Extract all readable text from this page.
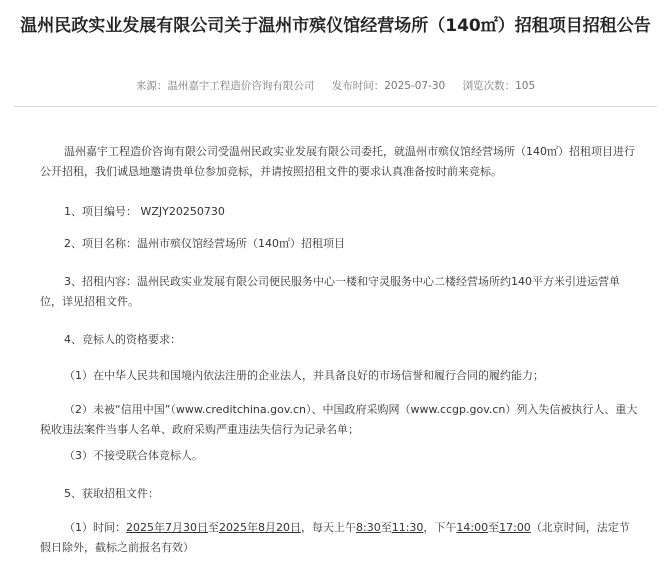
温州民政实业发展有限公司关于温州市殡仪馆经营场所（140㎡）招租项目招租公告
来源：温州嘉宇工程造价咨询有限公司 发布时间：2025-07-30 浏览次数：105

温州嘉宇工程造价咨询有限公司受温州民政实业发展有限公司委托，就温州市殡仪馆经营场所（140㎡）招租项目进行公开招租，我们诚恳地邀请贵单位参加竞标，并请按照招租文件的要求认真准备按时前来竞标。

1、项目编号： WZJY20250730

2、项目名称：温州市殡仪馆经营场所（140㎡）招租项目

3、招租内容：温州民政实业发展有限公司便民服务中心一楼和守灵服务中心二楼经营场所约140平方米引进运营单位，详见招租文件。

4、竞标人的资格要求：

（1）在中华人民共和国境内依法注册的企业法人，并具备良好的市场信誉和履行合同的履约能力；

（2）未被“信用中国”（www.creditchina.gov.cn）、中国政府采购网（www.ccgp.gov.cn）列入失信被执行人、重大税收违法案件当事人名单、政府采购严重违法失信行为记录名单；

（3）不接受联合体竞标人。

5、获取招租文件：

（1）时间：2025年7月30日至2025年8月20日，每天上午8:30至11:30，下午14:00至17:00（北京时间，法定节假日除外，截标之前报名有效）
